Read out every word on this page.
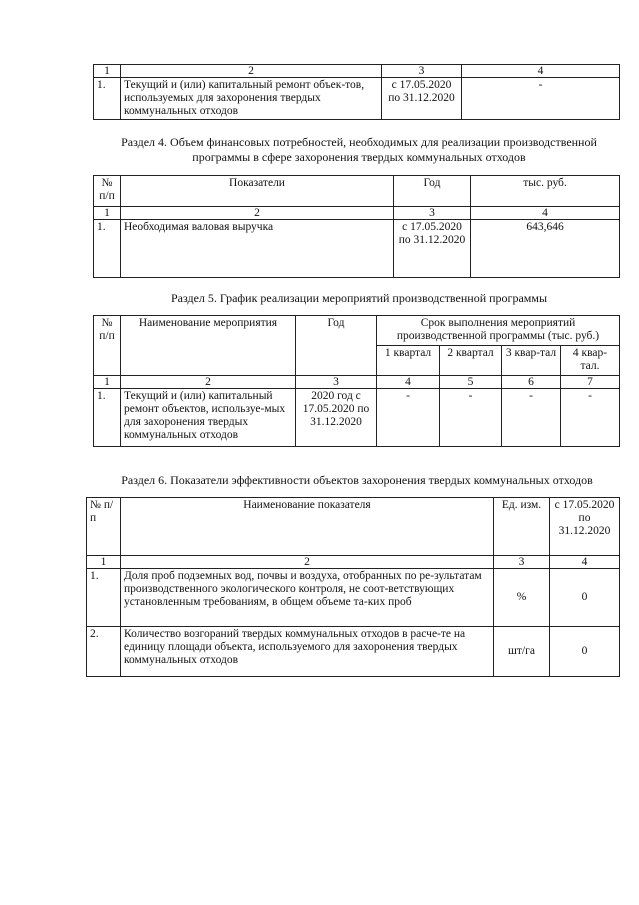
1	2	3	4
1.	Текущий и (или) капитальный ремонт объек-тов, используемых для захоронения твердых коммунальных отходов	с 17.05.2020 по 31.12.2020	-
Раздел 4. Объем финансовых потребностей, необходимых для реализации производственной программы в сфере захоронения твердых коммунальных отходов
№ п/п	Показатели	Год	тыс. руб.
1	2	3	4
1.	Необходимая валовая выручка	с 17.05.2020 по 31.12.2020	643,646
Раздел 5. График реализации мероприятий производственной программы
№ п/п	Наименование мероприятия	Год	Срок выполнения мероприятий производственной программы (тыс. руб.)			
			1 квартал	2 квартал	3 квар-тал	4 квар-тал.
1	2	3	4	5	6	7
1.	Текущий и (или) капитальный ремонт объектов, используе-мых для захоронения твердых коммунальных отходов	2020 год с 17.05.2020 по 31.12.2020	-	-	-	-
Раздел 6. Показатели эффективности объектов захоронения твердых коммунальных отходов
№ п/п	Наименование показателя	Ед. изм.	с 17.05.2020 по 31.12.2020
1	2	3	4
1.	Доля проб подземных вод, почвы и воздуха, отобранных по ре-зультатам производственного экологического контроля, не соот-ветствующих установленным требованиям, в общем объеме та-ких проб	%	0
2.	Количество возгораний твердых коммунальных отходов в расче-те на единицу площади объекта, используемого для захоронения твердых коммунальных отходов	шт/га	0
